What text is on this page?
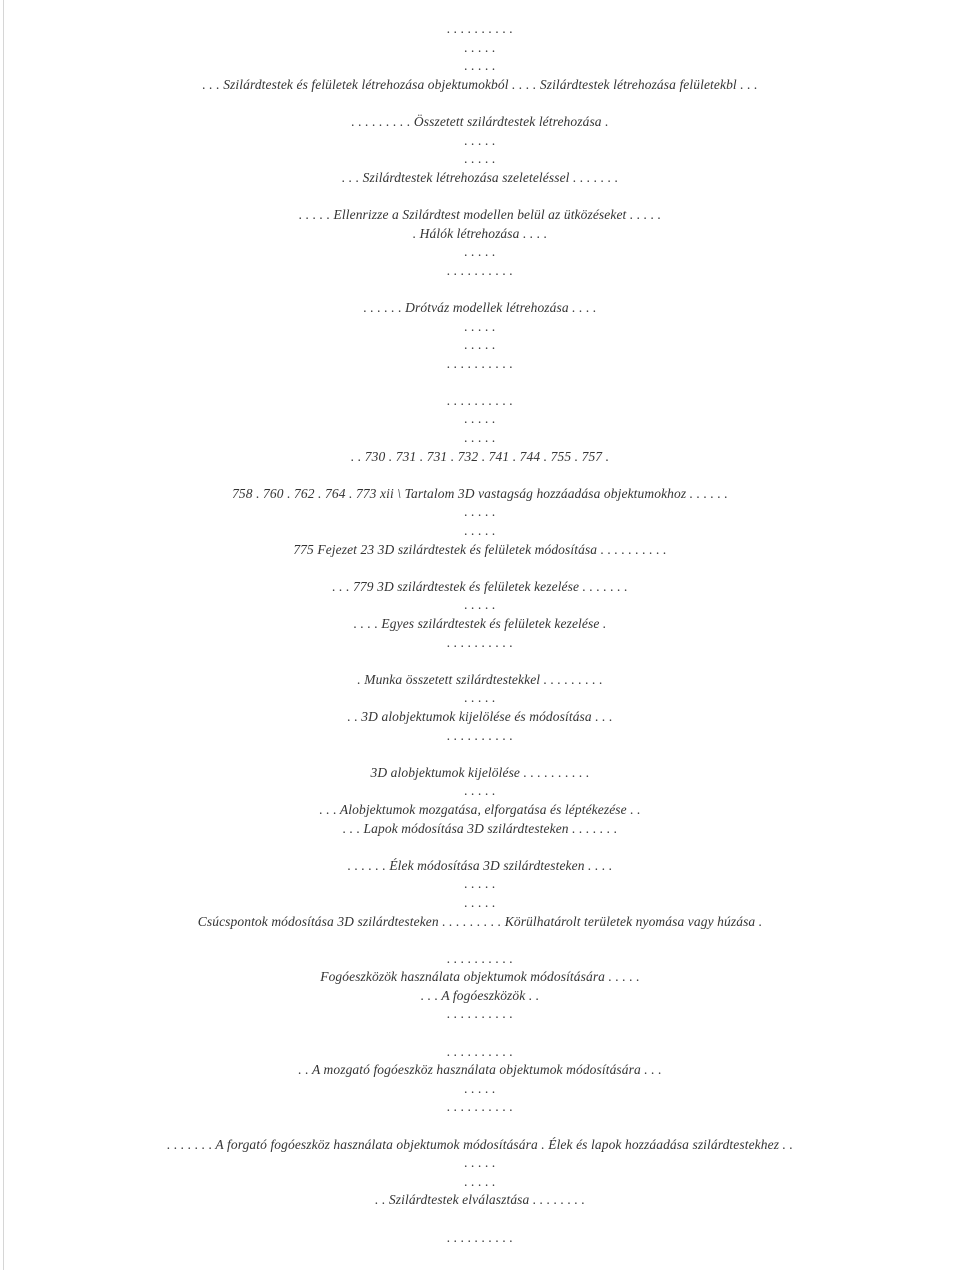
. . . . . . . . . .
. . . . .
. . . . .
. . . Szilárdtestek és felületek létrehozása objektumokból . . . . Szilárdtestek létrehozása felületekbl . . .
. . . . . . . . . Összetett szilárdtestek létrehozása .
. . . . .
. . . . .
. . . Szilárdtestek létrehozása szeleteléssel . . . . . . .
. . . . . Ellenrizze a Szilárdtest modellen belül az ütközéseket . . . . .
. Hálók létrehozása . . . .
. . . . .
. . . . . . . . . .
. . . . . . Drótváz modellek létrehozása . . . .
. . . . .
. . . . .
. . . . . . . . . .
. . . . . . . . . .
. . . . .
. . . . .
. . 730 . 731 . 731 . 732 . 741 . 744 . 755 . 757 .
758 . 760 . 762 . 764 . 773 xii \ Tartalom 3D vastagság hozzáadása objektumokhoz . . . . . .
. . . . .
. . . . .
775 Fejezet 23 3D szilárdtestek és felületek módosítása . . . . . . . . . .
. . . 779 3D szilárdtestek és felületek kezelése . . . . . . .
. . . . .
. . . . Egyes szilárdtestek és felületek kezelése .
. . . . . . . . . .
. Munka összetett szilárdtestekkel . . . . . . . . .
. . . . .
. . 3D alobjektumok kijelölése és módosítása . . .
. . . . . . . . . .
3D alobjektumok kijelölése . . . . . . . . . .
. . . . .
. . . Alobjektumok mozgatása, elforgatása és léptékezése . .
. . . Lapok módosítása 3D szilárdtesteken . . . . . . .
. . . . . . Élek módosítása 3D szilárdtesteken . . . .
. . . . .
. . . . .
Csúcspontok módosítása 3D szilárdtesteken . . . . . . . . . Körülhatárolt területek nyomása vagy húzása .
. . . . . . . . . .
Fogóeszközök használata objektumok módosítására . . . . .
. . . A fogóeszközök . .
. . . . . . . . . .
. . . . . . . . . .
. . A mozgató fogóeszköz használata objektumok módosítására . . .
. . . . .
. . . . . . . . . .
. . . . . . . A forgató fogóeszköz használata objektumok módosítására . Élek és lapok hozzáadása szilárdtestekhez . .
. . . . .
. . . . .
. . Szilárdtestek elválasztása . . . . . . . .
. . . . . . . . . .
